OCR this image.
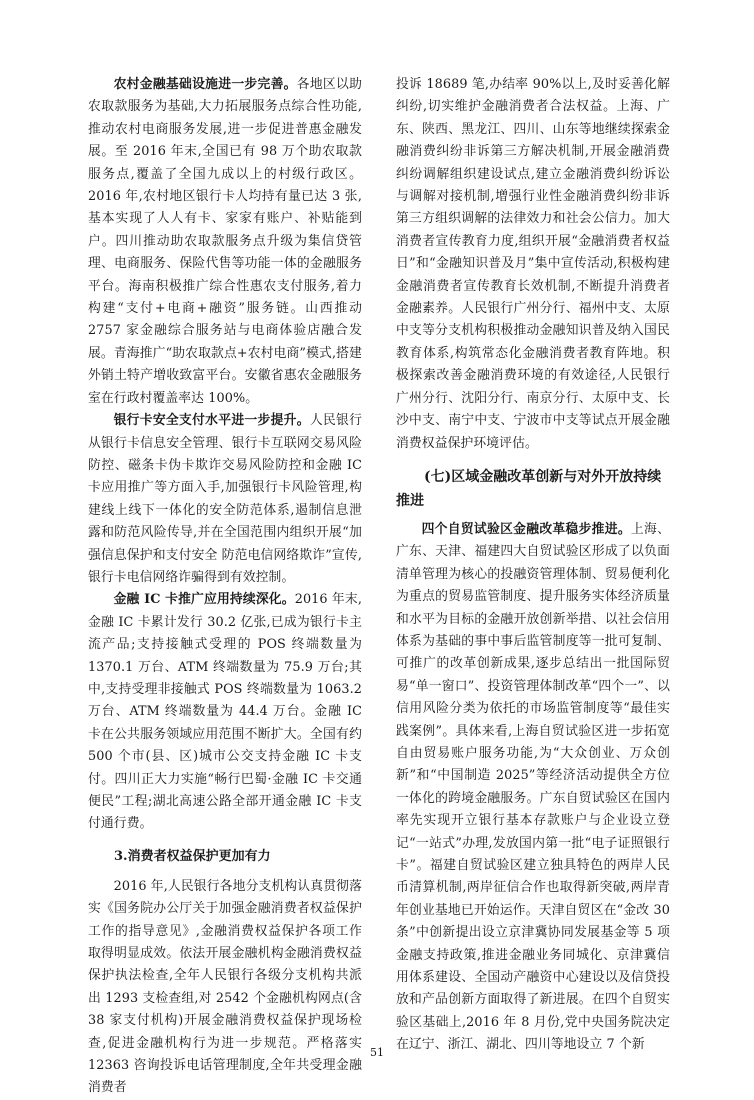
农村金融基础设施进一步完善。各地区以助农取款服务为基础,大力拓展服务点综合性功能,推动农村电商服务发展,进一步促进普惠金融发展。至 2016 年末,全国已有 98 万个助农取款服务点,覆盖了全国九成以上的村级行政区。2016 年,农村地区银行卡人均持有量已达 3 张,基本实现了人人有卡、家家有账户、补贴能到户。四川推动助农取款服务点升级为集信贷管理、电商服务、保险代售等功能一体的金融服务平台。海南积极推广综合性惠农支付服务,着力构建“支付+电商+融资”服务链。山西推动 2757 家金融综合服务站与电商体验店融合发展。青海推广“助农取款点+农村电商”模式,搭建外销土特产增收致富平台。安徽省惠农金融服务室在行政村覆盖率达 100%。

银行卡安全支付水平进一步提升。人民银行从银行卡信息安全管理、银行卡互联网交易风险防控、磁条卡伪卡欺诈交易风险防控和金融 IC 卡应用推广等方面入手,加强银行卡风险管理,构建线上线下一体化的安全防范体系,遏制信息泄露和防范风险传导,并在全国范围内组织开展“加强信息保护和支付安全 防范电信网络欺诈”宣传,银行卡电信网络诈骗得到有效控制。

金融 IC 卡推广应用持续深化。2016 年末,金融 IC 卡累计发行 30.2 亿张,已成为银行卡主流产品;支持接触式受理的 POS 终端数量为 1370.1 万台、ATM 终端数量为 75.9 万台;其中,支持受理非接触式 POS 终端数量为 1063.2 万台、ATM 终端数量为 44.4 万台。金融 IC 卡在公共服务领域应用范围不断扩大。全国有约 500 个市(县、区)城市公交支持金融 IC 卡支付。四川正大力实施“畅行巴蜀·金融 IC 卡交通便民”工程;湖北高速公路全部开通金融 IC 卡支付通行费。

3.消费者权益保护更加有力

2016 年,人民银行各地分支机构认真贯彻落实《国务院办公厅关于加强金融消费者权益保护工作的指导意见》,金融消费权益保护各项工作取得明显成效。依法开展金融机构金融消费权益保护执法检查,全年人民银行各级分支机构共派出 1293 支检查组,对 2542 个金融机构网点(含 38 家支付机构)开展金融消费权益保护现场检查,促进金融机构行为进一步规范。严格落实 12363 咨询投诉电话管理制度,全年共受理金融消费者

投诉 18689 笔,办结率 90%以上,及时妥善化解纠纷,切实维护金融消费者合法权益。上海、广东、陕西、黑龙江、四川、山东等地继续探索金融消费纠纷非诉第三方解决机制,开展金融消费纠纷调解组织建设试点,建立金融消费纠纷诉讼与调解对接机制,增强行业性金融消费纠纷非诉第三方组织调解的法律效力和社会公信力。加大消费者宣传教育力度,组织开展“金融消费者权益日”和“金融知识普及月”集中宣传活动,积极构建金融消费者宣传教育长效机制,不断提升消费者金融素养。人民银行广州分行、福州中支、太原中支等分支机构积极推动金融知识普及纳入国民教育体系,构筑常态化金融消费者教育阵地。积极探索改善金融消费环境的有效途径,人民银行广州分行、沈阳分行、南京分行、太原中支、长沙中支、南宁中支、宁波市中支等试点开展金融消费权益保护环境评估。

(七)区域金融改革创新与对外开放持续推进

四个自贸试验区金融改革稳步推进。上海、广东、天津、福建四大自贸试验区形成了以负面清单管理为核心的投融资管理体制、贸易便利化为重点的贸易监管制度、提升服务实体经济质量和水平为目标的金融开放创新举措、以社会信用体系为基础的事中事后监管制度等一批可复制、可推广的改革创新成果,逐步总结出一批国际贸易“单一窗口”、投资管理体制改革“四个一”、以信用风险分类为依托的市场监管制度等“最佳实践案例”。具体来看,上海自贸试验区进一步拓宽自由贸易账户服务功能,为“大众创业、万众创新”和“中国制造 2025”等经济活动提供全方位一体化的跨境金融服务。广东自贸试验区在国内率先实现开立银行基本存款账户与企业设立登记“一站式”办理,发放国内第一批“电子证照银行卡”。福建自贸试验区建立独具特色的两岸人民币清算机制,两岸征信合作也取得新突破,两岸青年创业基地已开始运作。天津自贸区在“金改 30 条”中创新提出设立京津冀协同发展基金等 5 项金融支持政策,推进金融业务同城化、京津冀信用体系建设、全国动产融资中心建设以及信贷投放和产品创新方面取得了新进展。在四个自贸实验区基础上,2016 年 8 月份,党中央国务院决定在辽宁、浙江、湖北、四川等地设立 7 个新

51
